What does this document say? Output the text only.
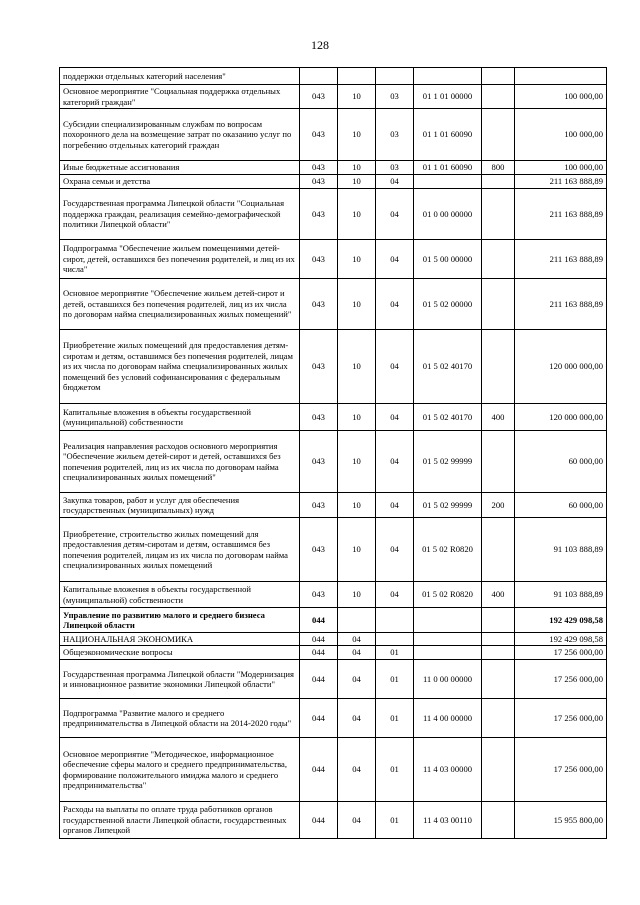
128
поддержки отдельных категорий населения"						
Основное мероприятие "Социальная поддержка отдельных категорий граждан"	043	10	03	01 1 01 00000		100 000,00
Субсидии специализированным службам по вопросам похоронного дела на возмещение затрат по оказанию услуг по погребению отдельных категорий граждан	043	10	03	01 1 01 60090		100 000,00
Иные бюджетные ассигнования	043	10	03	01 1 01 60090	800	100 000,00
Охрана семьи и детства	043	10	04			211 163 888,89
Государственная программа Липецкой области "Социальная поддержка граждан, реализация семейно-демографической политики Липецкой области"	043	10	04	01 0 00 00000		211 163 888,89
Подпрограмма "Обеспечение жильем помещениями детей-сирот, детей, оставшихся без попечения родителей, и лиц из их числа"	043	10	04	01 5 00 00000		211 163 888,89
Основное мероприятие "Обеспечение жильем детей-сирот и детей, оставшихся без попечения родителей, лиц из их числа по договорам найма специализированных жилых помещений"	043	10	04	01 5 02 00000		211 163 888,89
Приобретение жилых помещений для предоставления детям-сиротам и детям, оставшимся без попечения родителей, лицам из их числа по договорам найма специализированных жилых помещений без условий софинансирования с федеральным бюджетом	043	10	04	01 5 02 40170		120 000 000,00
Капитальные вложения в объекты государственной (муниципальной) собственности	043	10	04	01 5 02 40170	400	120 000 000,00
Реализация направления расходов основного мероприятия "Обеспечение жильем детей-сирот и детей, оставшихся без попечения родителей, лиц из их числа по договорам найма специализированных жилых помещений"	043	10	04	01 5 02 99999		60 000,00
Закупка товаров, работ и услуг для обеспечения государственных (муниципальных) нужд	043	10	04	01 5 02 99999	200	60 000,00
Приобретение, строительство жилых помещений для предоставления детям-сиротам и детям, оставшимся без попечения родителей, лицам из их числа по договорам найма специализированных жилых помещений	043	10	04	01 5 02 R0820		91 103 888,89
Капитальные вложения в объекты государственной (муниципальной) собственности	043	10	04	01 5 02 R0820	400	91 103 888,89
Управление по развитию малого и среднего бизнеса Липецкой области	044					192 429 098,58
НАЦИОНАЛЬНАЯ ЭКОНОМИКА	044	04				192 429 098,58
Общеэкономические вопросы	044	04	01			17 256 000,00
Государственная программа Липецкой области "Модернизация и инновационное развитие экономики Липецкой области"	044	04	01	11 0 00 00000		17 256 000,00
Подпрограмма "Развитие малого и среднего предпринимательства в Липецкой области на 2014-2020 годы"	044	04	01	11 4 00 00000		17 256 000,00
Основное мероприятие "Методическое, информационное обеспечение сферы малого и среднего предпринимательства, формирование положительного имиджа малого и среднего предпринимательства"	044	04	01	11 4 03 00000		17 256 000,00
Расходы на выплаты по оплате труда работников органов государственной власти Липецкой области, государственных органов Липецкой	044	04	01	11 4 03 00110		15 955 800,00
